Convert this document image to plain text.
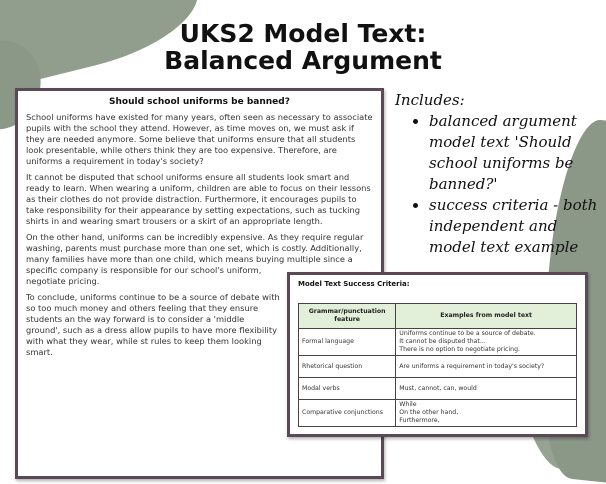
UKS2 Model Text:
Balanced Argument
Should school uniforms be banned?

School uniforms have existed for many years, often seen as necessary to associate pupils with the school they attend. However, as time moves on, we must ask if they are needed anymore. Some believe that uniforms ensure that all students look presentable, while others think they are too expensive. Therefore, are uniforms a requirement in today's society?

It cannot be disputed that school uniforms ensure all students look smart and ready to learn. When wearing a uniform, children are able to focus on their lessons as their clothes do not provide distraction. Furthermore, it encourages pupils to take responsibility for their appearance by setting expectations, such as tucking shirts in and wearing smart trousers or a skirt of an appropriate length.

On the other hand, uniforms can be incredibly expensive. As they require regular washing, parents must purchase more than one set, which is costly. Additionally, many families have more than one child, which means buying multiple since a specific company is responsible for our school's uniform, negotiate pricing.

To conclude, uniforms continue to be a source of debate with so too much money and others feeling that they ensure students an the way forward is to consider a 'middle ground', such as a dress allow pupils to have more flexibility with what they wear, while st rules to keep them looking smart.

Includes:
• balanced argument model text 'Should school uniforms be banned?'
• success criteria - both independent and model text example
Model Text Success Criteria:
Grammar/punctuation feature	Examples from model text
Formal language	Uniforms continue to be a source of debate.
It cannot be disputed that...
There is no option to negotiate pricing.
Rhetorical question	Are uniforms a requirement in today's society?
Modal verbs	Must, cannot, can, would
Comparative conjunctions	While
On the other hand,
Furthermore,
